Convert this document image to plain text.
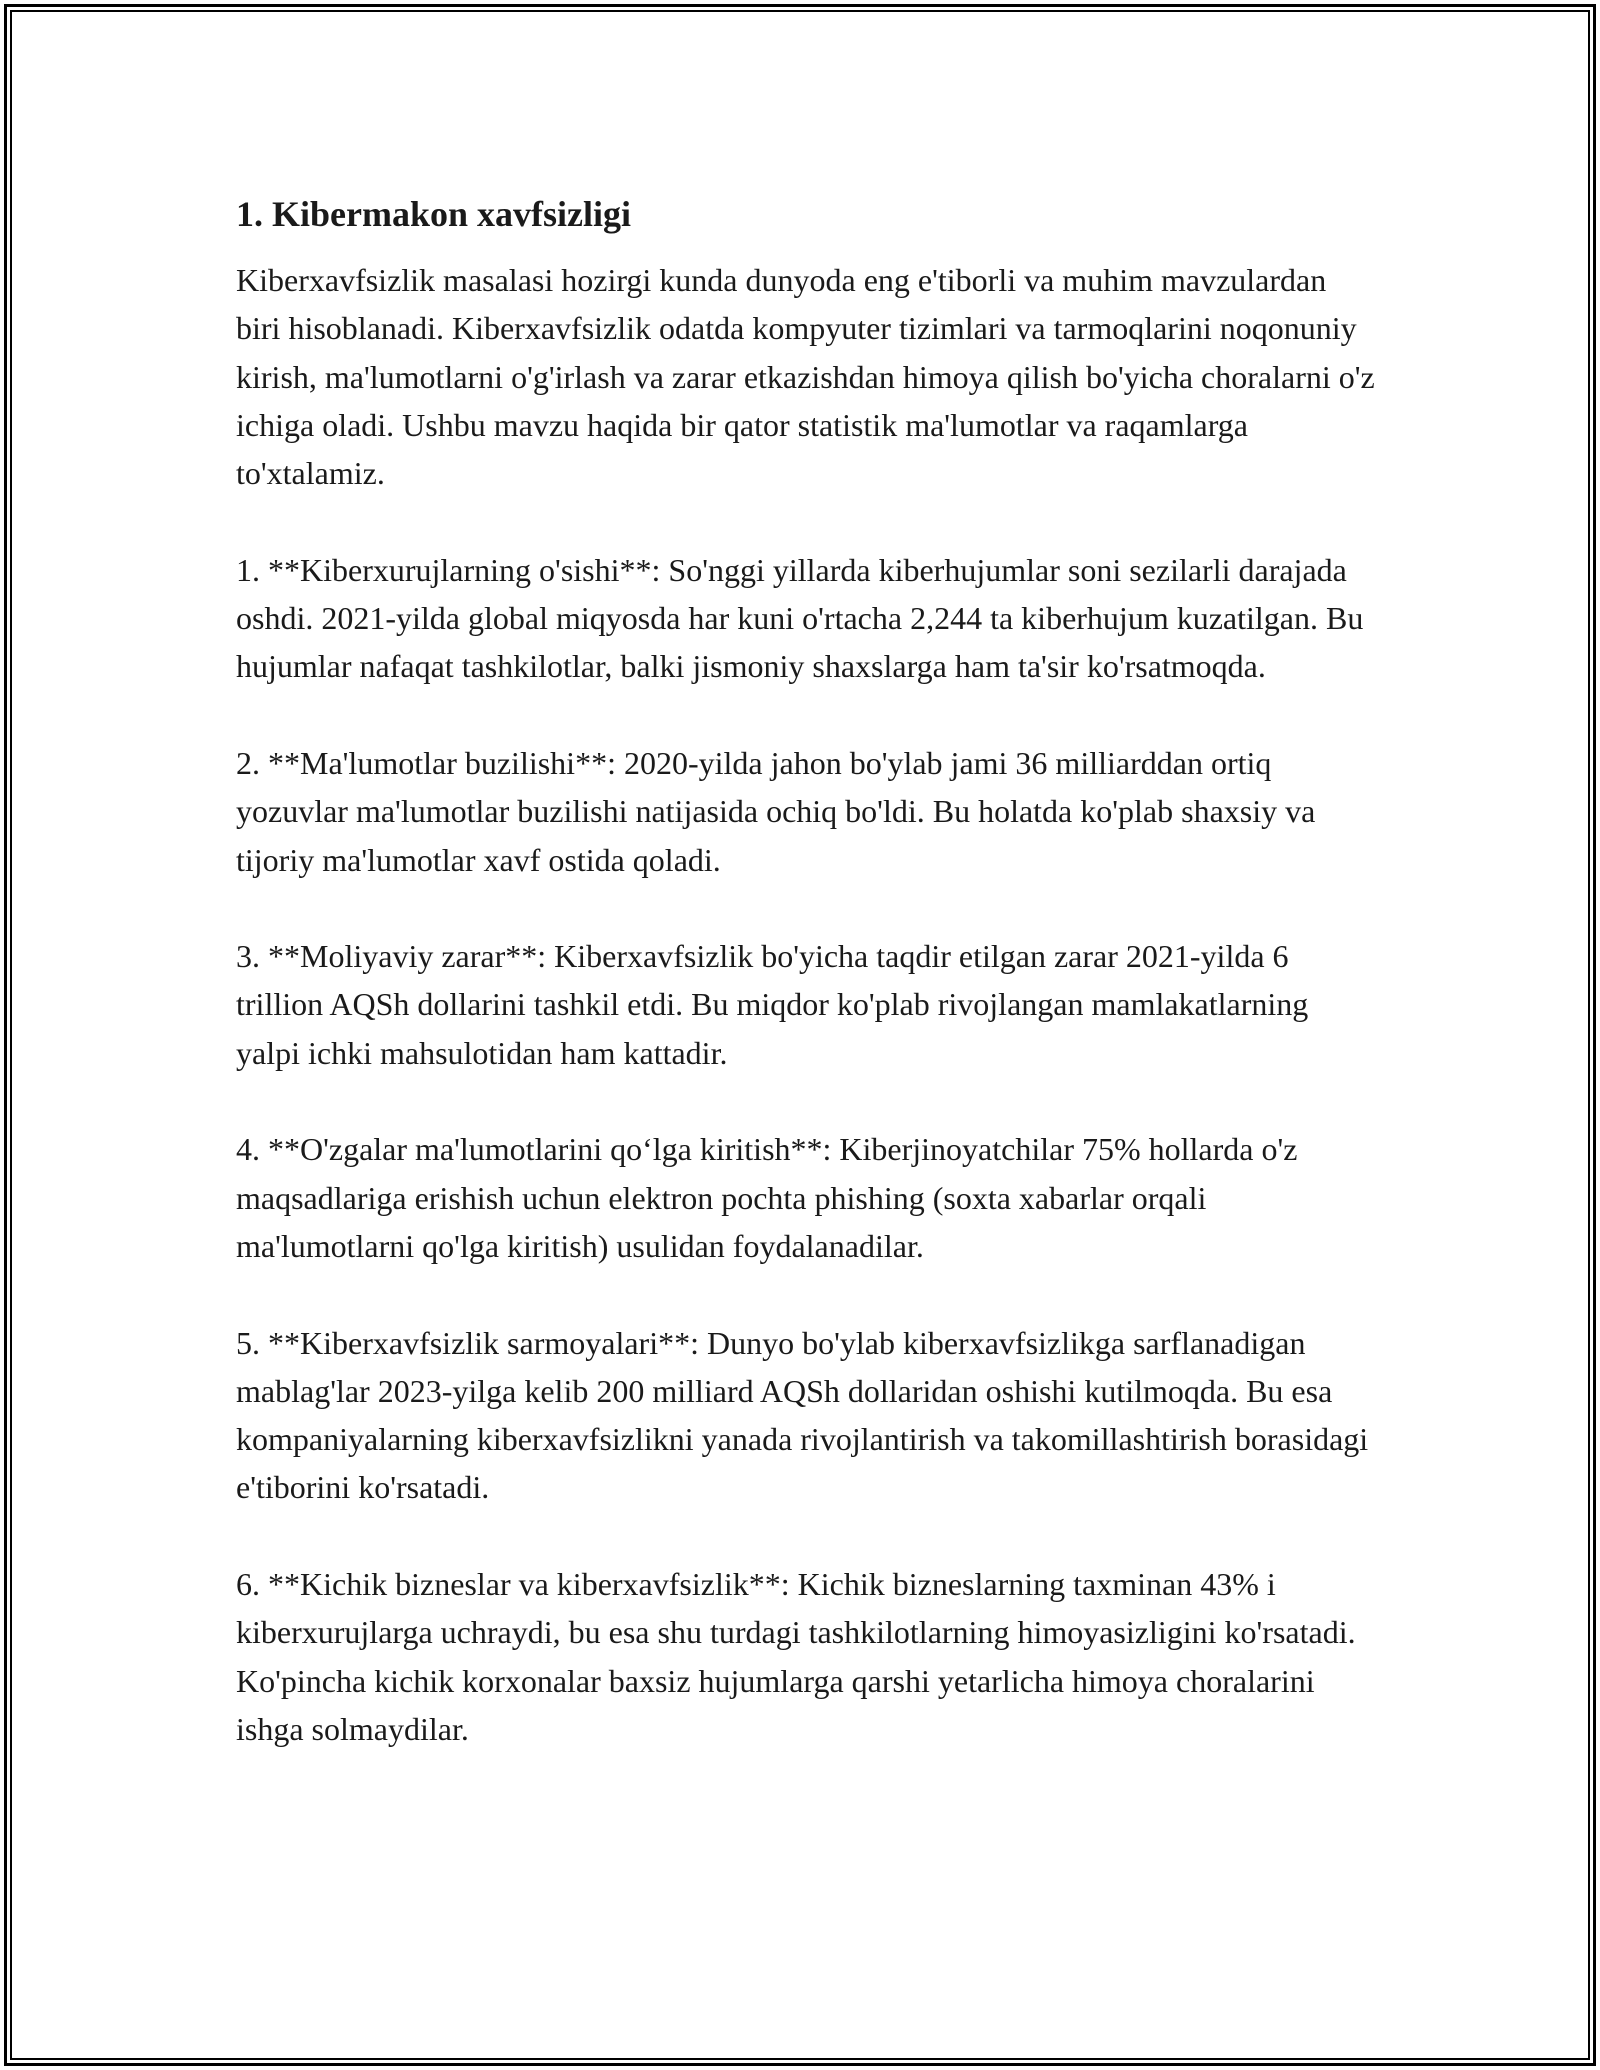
1. Kibermakon xavfsizligi

Kiberxavfsizlik masalasi hozirgi kunda dunyoda eng e'tiborli va muhim mavzulardan biri hisoblanadi. Kiberxavfsizlik odatda kompyuter tizimlari va tarmoqlarini noqonuniy kirish, ma'lumotlarni o'g'irlash va zarar etkazishdan himoya qilish bo'yicha choralarni o'z ichiga oladi. Ushbu mavzu haqida bir qator statistik ma'lumotlar va raqamlarga to'xtalamiz.

1. **Kiberxurujlarning o'sishi**: So'nggi yillarda kiberhujumlar soni sezilarli darajada oshdi. 2021-yilda global miqyosda har kuni o'rtacha 2,244 ta kiberhujum kuzatilgan. Bu hujumlar nafaqat tashkilotlar, balki jismoniy shaxslarga ham ta'sir ko'rsatmoqda.

2. **Ma'lumotlar buzilishi**: 2020-yilda jahon bo'ylab jami 36 milliarddan ortiq yozuvlar ma'lumotlar buzilishi natijasida ochiq bo'ldi. Bu holatda ko'plab shaxsiy va tijoriy ma'lumotlar xavf ostida qoladi.

3. **Moliyaviy zarar**: Kiberxavfsizlik bo'yicha taqdir etilgan zarar 2021-yilda 6 trillion AQSh dollarini tashkil etdi. Bu miqdor ko'plab rivojlangan mamlakatlarning yalpi ichki mahsulotidan ham kattadir.

4. **O'zgalar ma'lumotlarini qo‘lga kiritish**: Kiberjinoyatchilar 75% hollarda o'z maqsadlariga erishish uchun elektron pochta phishing (soxta xabarlar orqali ma'lumotlarni qo'lga kiritish) usulidan foydalanadilar.

5. **Kiberxavfsizlik sarmoyalari**: Dunyo bo'ylab kiberxavfsizlikga sarflanadigan mablag'lar 2023-yilga kelib 200 milliard AQSh dollaridan oshishi kutilmoqda. Bu esa kompaniyalarning kiberxavfsizlikni yanada rivojlantirish va takomillashtirish borasidagi e'tiborini ko'rsatadi.

6. **Kichik bizneslar va kiberxavfsizlik**: Kichik bizneslarning taxminan 43% i kiberxurujlarga uchraydi, bu esa shu turdagi tashkilotlarning himoyasizligini ko'rsatadi. Ko'pincha kichik korxonalar baxsiz hujumlarga qarshi yetarlicha himoya choralarini ishga solmaydilar.
